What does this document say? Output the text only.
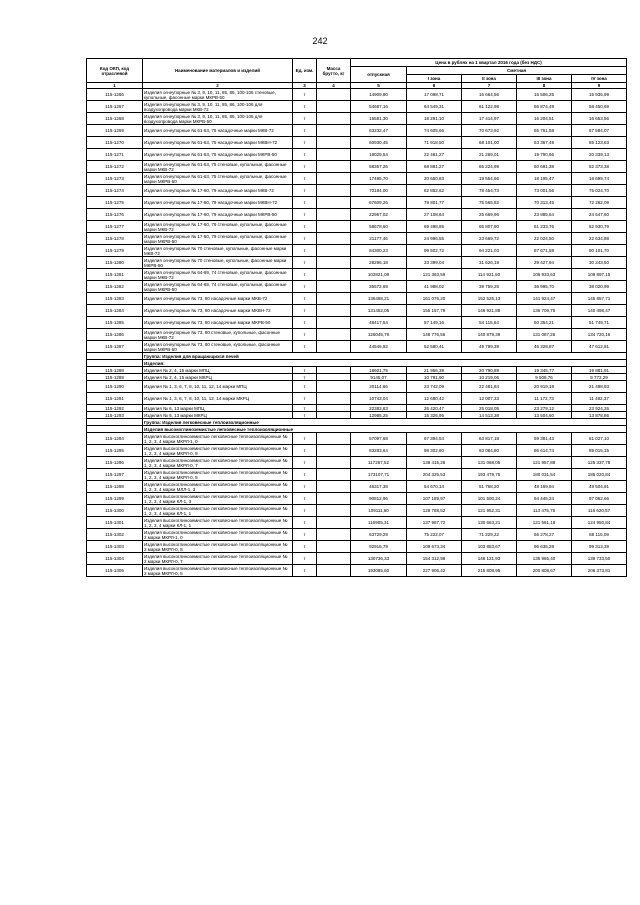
242
Код ОКП, код отраслевой	Наименование материалов и изделий	Ед. изм.	Масса брутто, кг	Цена в рублях на 1 квартал 2016 года (без НДС)				
				отпускная	Сметная			
					I зона	II зона	III зона	IV зона
1	2	3	4	5	6	7	8	9
115-1266	Изделия огнеупорные № 3, 9, 10, 11, 85, 86, 100-106 стеновые, купольные, фасонные марки МКРВ-50	т		14909,80	17 098,71	16 664,56	15 506,25	15 935,99
115-1267	Изделия огнеупорные № 3, 9, 10, 11, 85, 86, 100-106 для воздухопровода марки МКВ-72	т		54687,16	64 549,31	61 122,98	56 874,49	58 450,69
115-1268	Изделия огнеупорные № 3, 9, 10, 11, 85, 86, 100-106 для воздухопровода марки МКРВ-50	т		15581,30	18 291,10	17 414,97	16 204,51	16 653,56
115-1269	Изделия огнеупорные № 61-63, 75 насадочные марки МКВ-72	т		63232,47	74 605,66	70 673,92	65 761,58	67 584,07
115-1270	Изделия огнеупорные № 61-63, 75 насадочные марки МКВН-72	т		60930,45	71 918,50	68 101,00	63 367,49	65 123,63
115-1271	Изделия огнеупорные № 61-63, 75 насадочные марки МКРВ-50	т		19029,54	22 461,27	21 269,01	19 790,66	20 339,13
115-1272	Изделия огнеупорные № 61-63, 75 стеновые, купольные, фасонные марки МКВ-72	т		58357,26	68 881,27	65 224,99	60 691,38	62 373,38
115-1273	Изделия огнеупорные № 61-63, 75 стеновые, купольные, фасонные марки МКРВ-50	т		17495,70	20 650,83	19 554,66	18 195,47	18 699,74
115-1274	Изделия огнеупорные № 17-60, 79 насадочные марки МКВ-72	т		70184,00	82 852,62	78 454,73	73 001,56	75 024,70
115-1275	Изделия огнеупорные № 17-60, 79 насадочные марки МКВН-72	т		67609,26	79 801,77	75 565,82	70 313,45	72 262,09
115-1276	Изделия огнеупорные № 17-60, 79 насадочные марки МКРВ-50	т		22967,02	27 108,64	25 669,96	23 885,64	24 547,60
115-1277	Изделия огнеупорные № 17-60, 79 стеновые, купольные, фасонные марки МКВ-72	т		58678,60	69 498,85	65 807,90	61 233,76	62 930,79
115-1278	Изделия огнеупорные № 17-60, 79 стеновые, купольные, фасонные марки МКРВ-50	т		21177,46	24 996,55	23 669,72	22 024,50	22 634,88
115-1279	Изделия огнеупорные № 70 стеновые, купольные, фасонные марки МКВ-72	т		84300,23	99 502,72	94 221,03	87 671,59	90 101,70
115-1280	Изделия огнеупорные № 70 стеновые, купольные, фасонные марки МКРВ-50	т		28296,18	33 399,04	31 626,19	29 427,94	30 243,50
115-1281	Изделия огнеупорные № 64-69, 74 стеновые, купольные, фасонные марки МКВ-72	т		102821,09	121 363,59	114 921,50	106 933,63	109 897,15
115-1282	Изделия огнеупорные № 64-69, 74 стеновые, купольные, фасонные марки МКРВ-50	т		35572,69	41 988,02	39 759,26	36 995,70	38 020,99
115-1283	Изделия огнеупорные № 73, 80 насадочные марки МКВ-72	т		136468,21	161 076,20	152 526,13	141 924,47	145 857,71
115-1284	Изделия огнеупорные № 73, 80 насадочные марки МКВН-72	т		131452,05	155 157,79	146 921,88	136 709,75	140 498,47
115-1285	Изделия огнеупорные № 73, 80 насадочные марки МКРВ-50	т		48417,54	57 149,16	54 115,64	50 354,21	51 749,71
115-1286	Изделия огнеупорные № 73, 80 стеновые, купольные, фасонные марки МКВ-72	т		126045,79	148 776,56	140 879,39	131 087,26	134 720,16
115-1287	Изделия огнеупорные № 73, 80 стеновые, купольные, фасонные марки МКРВ-50	т		44546,92	52 580,41	49 789,39	46 328,87	47 612,81
	Группа: Изделия для вращающихся печей							
	Изделия:							
115-1288	Изделия № 2, 4, 15 марки МПЦ	т		18601,75	21 956,39	20 790,89	19 345,77	19 881,91
115-1289	Изделия № 2, 4, 15 марки МКРЦ	т		9145,07	10 791,90	10 219,06	9 508,76	9 772,29
115-1290	Изделия № 1, 3, 6, 7, 8, 10, 11, 12, 14 марки МПЦ	т		20114,66	23 742,09	22 481,84	20 919,19	21 498,93
115-1291	Изделия № 1, 3, 6, 7, 8, 10, 11, 12, 14 марки МКРЦ	т		10743,04	12 680,42	12 007,33	11 172,73	11 482,37
115-1292	Изделия № 6, 13 марки МПЦ	т		22383,63	26 420,47	25 018,05	23 279,12	23 924,26
115-1293	Изделия № 6, 13 марки МКРЦ	т		12985,25	15 326,95	14 513,38	13 504,60	13 878,86
	Группа: Изделия легковесные теплоизоляционные							
	Изделия высокоглиноземистые легковесные теплоизоляционные							
115-1294	Изделия высокоглиноземистые легковесные теплоизоляционные № 1, 2, 3, 4 марки МКРЛ-1, 0	т		57097,68	67 394,54	63 817,18	59 381,43	61 027,10
115-1295	Изделия высокоглиноземистые легковесные теплоизоляционные № 1, 2, 3, 4 марки МКРЛ-0, 8	т		83283,64	98 302,80	93 084,80	86 614,74	89 015,15
115-1296	Изделия высокоглиноземистые легковесные теплоизоляционные № 1, 2, 3, 4 марки МКРЛ-0, 7	т		117267,52	138 415,26	131 068,05	121 957,88	125 337,78
115-1297	Изделия высокоглиноземистые легковесные теплоизоляционные № 1, 2, 3, 4 марки МКРЛ-0, 5	т		173107,71	204 325,53	193 479,75	180 031,54	185 020,84
115-1298	Изделия высокоглиноземистые легковесные теплоизоляционные № 1, 2, 3, 4 марки МЛЛ-1, 3	т		46317,38	54 670,14	51 768,20	48 169,94	49 504,91
115-1299	Изделия высокоглиноземистые легковесные теплоизоляционные № 1, 2, 3, 4 марки КЛ-1, 3	т		90812,96	107 189,97	101 500,24	94 445,24	97 062,66
115-1300	Изделия высокоглиноземистые легковесные теплоизоляционные № 1, 2, 3, 4 марки КЛ-1, 1	т		109111,60	128 788,52	121 952,31	113 475,75	116 620,57
115-1301	Изделия высокоглиноземистые легковесные теплоизоляционные № 1, 2, 3, 4 марки КЛ-1, 1	т		116905,31	137 987,72	130 663,21	121 581,18	124 950,84
115-1302	Изделия высокоглиноземистые легковесные теплоизоляционные № 2 марки МКРЛ-1, 0	т		63729,29	75 222,07	71 229,22	66 278,27	68 115,09
115-1303	Изделия высокоглиноземистые легковесные теплоизоляционные № 2 марки МКРЛ-0, 8	т		92916,79	109 673,34	103 853,67	96 635,28	99 313,39
115-1304	Изделия высокоглиноземистые легковесные теплоизоляционные № 2 марки МКРЛ-0, 7	т		130736,33	154 312,98	146 121,93	135 965,40	139 733,50
115-1305	Изделия высокоглиноземистые легковесные теплоизоляционные № 2 марки МКРЛ-0, 5	т		193085,60	227 906,42	215 808,95	200 808,67	206 373,81
